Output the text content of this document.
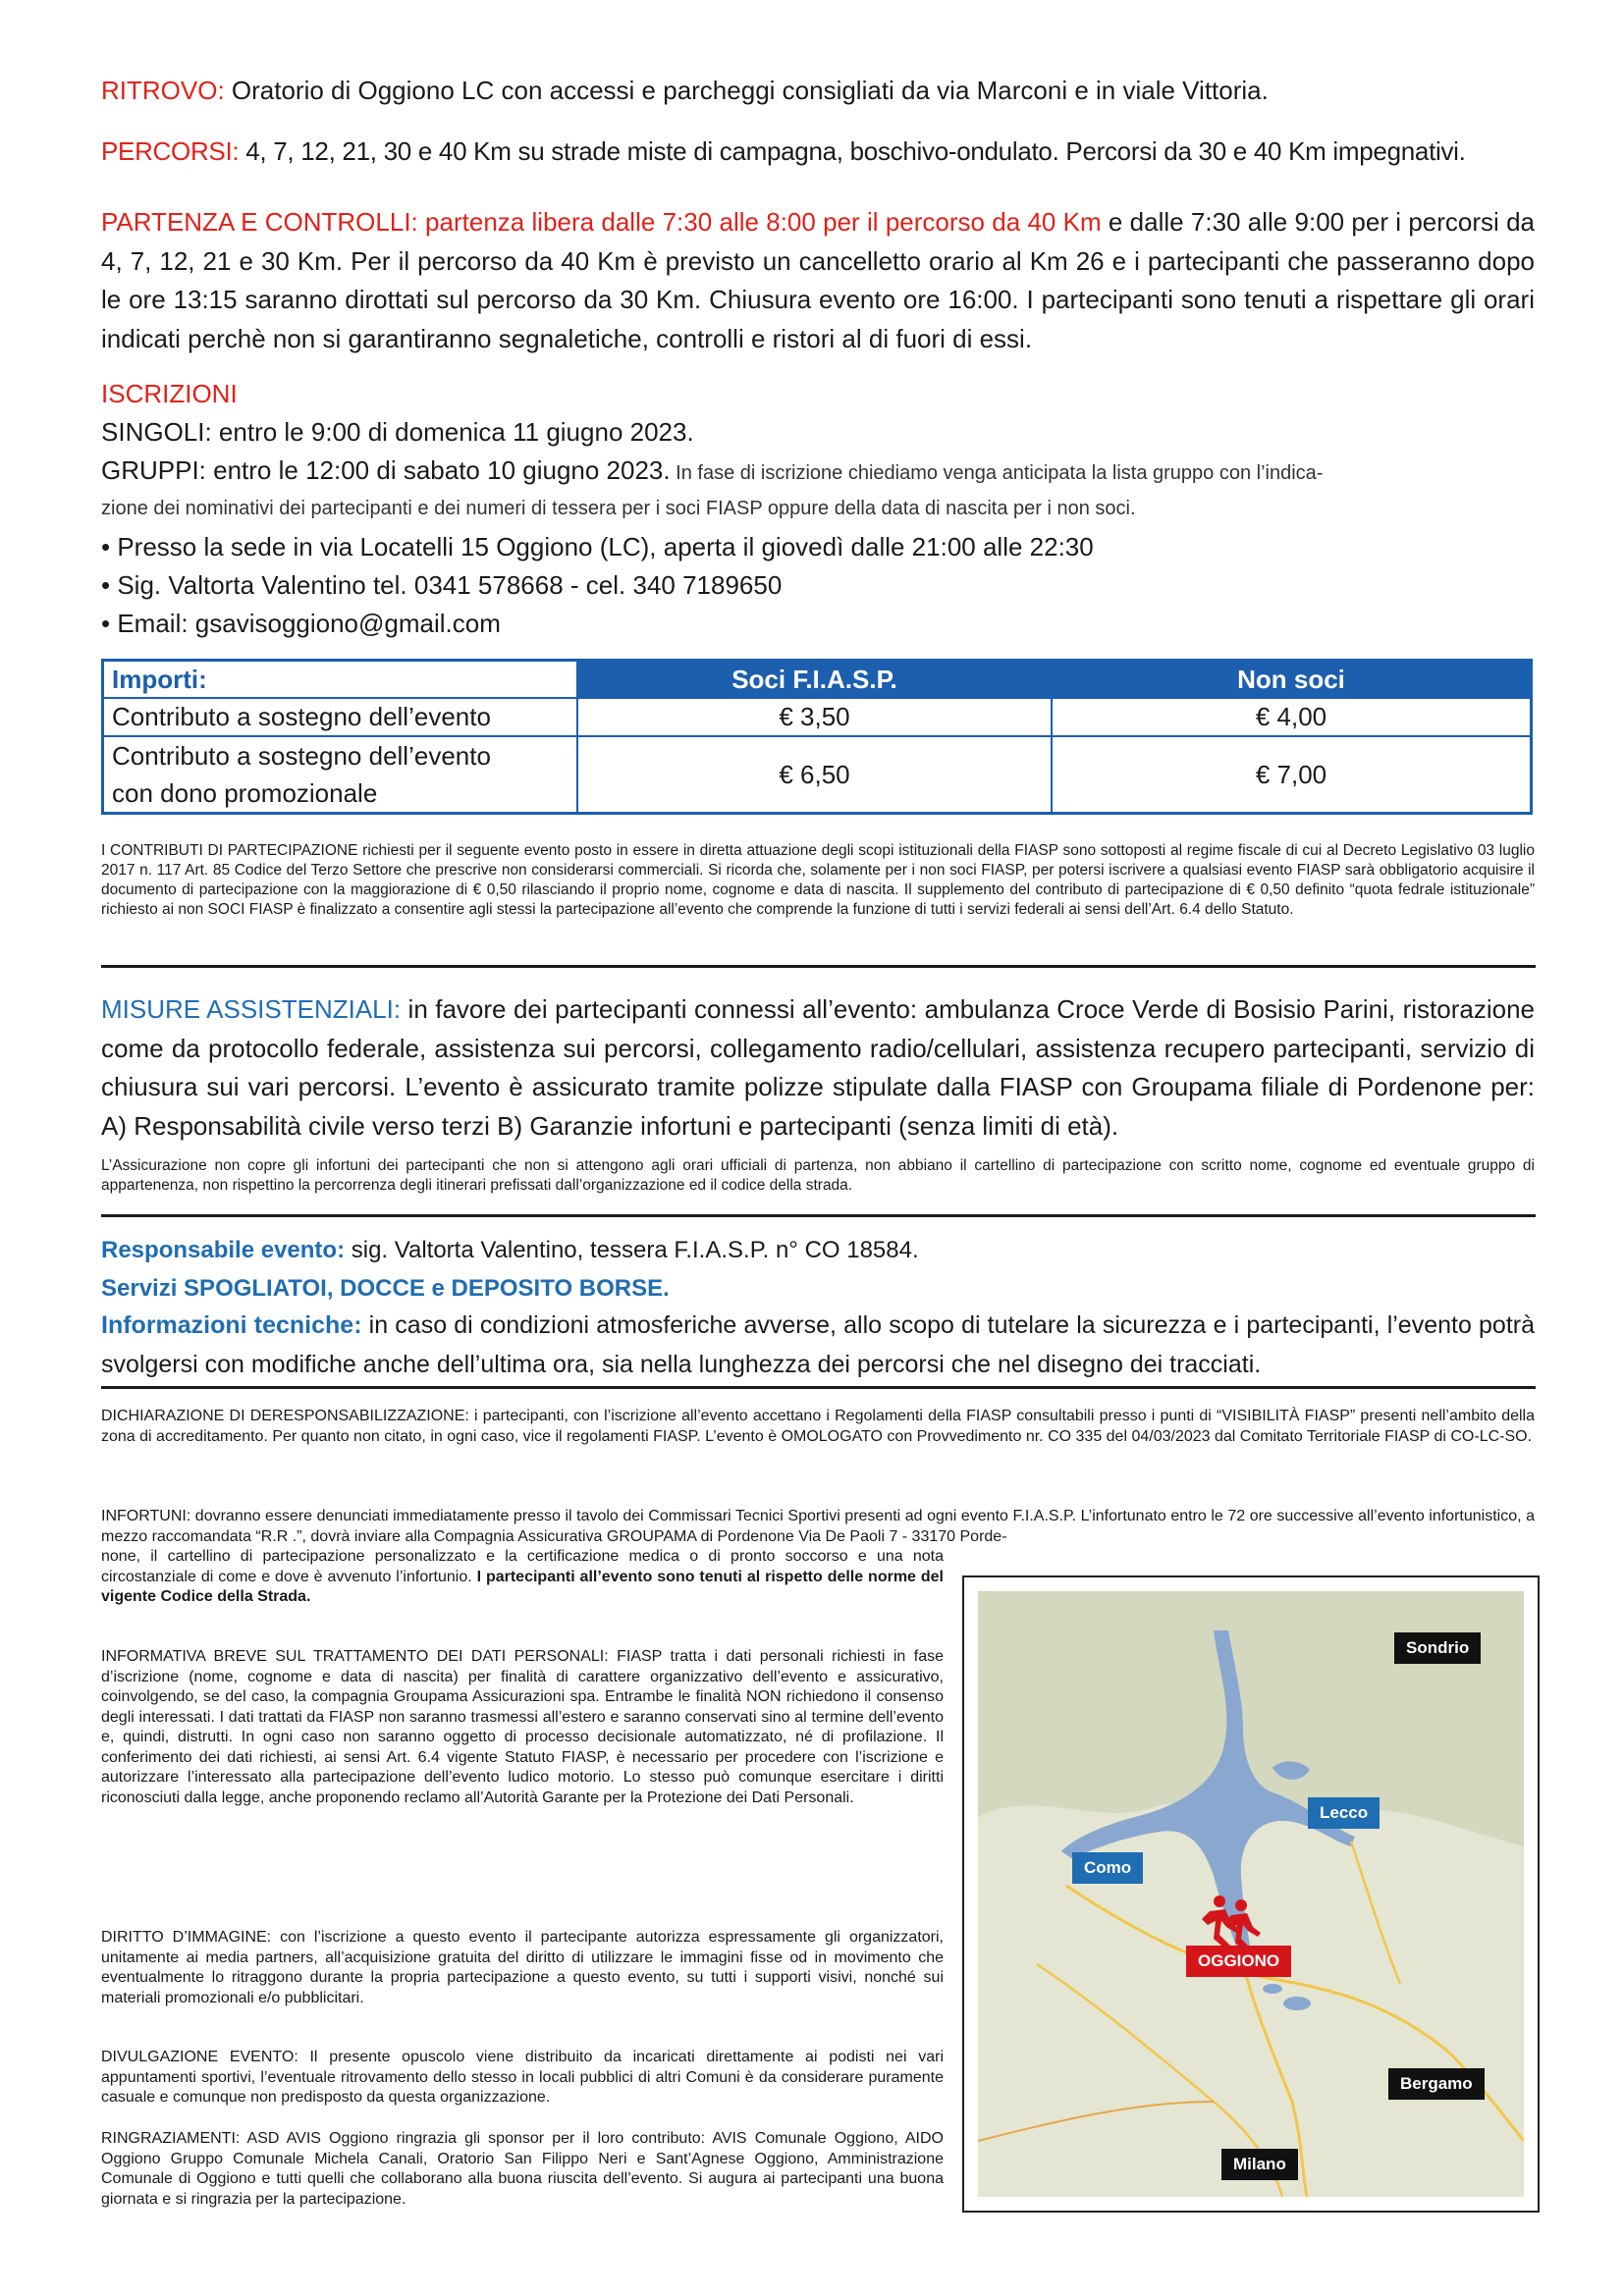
RITROVO: Oratorio di Oggiono LC con accessi e parcheggi consigliati da via Marconi e in viale Vittoria.
PERCORSI: 4, 7, 12, 21, 30 e 40 Km su strade miste di campagna, boschivo-ondulato. Percorsi da 30 e 40 Km impegnativi.
PARTENZA E CONTROLLI: partenza libera dalle 7:30 alle 8:00 per il percorso da 40 Km e dalle 7:30 alle 9:00 per i percorsi da 4, 7, 12, 21 e 30 Km. Per il percorso da 40 Km è previsto un cancelletto orario al Km 26 e i partecipanti che passeranno dopo le ore 13:15 saranno dirottati sul percorso da 30 Km. Chiusura evento ore 16:00. I partecipanti sono tenuti a rispettare gli orari indicati perchè non si garantiranno segnaletiche, controlli e ristori al di fuori di essi.
ISCRIZIONI
SINGOLI: entro le 9:00 di domenica 11 giugno 2023.
GRUPPI: entro le 12:00 di sabato 10 giugno 2023. In fase di iscrizione chiediamo venga anticipata la lista gruppo con l’indica-
zione dei nominativi dei partecipanti e dei numeri di tessera per i soci FIASP oppure della data di nascita per i non soci.
• Presso la sede in via Locatelli 15 Oggiono (LC), aperta il giovedì dalle 21:00 alle 22:30
• Sig. Valtorta Valentino tel. 0341 578668 - cel. 340 7189650
• Email: gsavisoggiono@gmail.com
Importi:	Soci F.I.A.S.P.	Non soci
Contributo a sostegno dell’evento	€ 3,50	€ 4,00

Contributo a sostegno dell’evento
con dono promozionale	€ 6,50	€ 7,00
I CONTRIBUTI DI PARTECIPAZIONE richiesti per il seguente evento posto in essere in diretta attuazione degli scopi istituzionali della FIASP sono sottoposti al regime fiscale di cui al Decreto Legislativo 03 luglio 2017 n. 117 Art. 85 Codice del Terzo Settore che prescrive non considerarsi commerciali. Si ricorda che, solamente per i non soci FIASP, per potersi iscrivere a qualsiasi evento FIASP sarà obbligatorio acquisire il documento di partecipazione con la maggiorazione di € 0,50 rilasciando il proprio nome, cognome e data di nascita. Il supplemento del contributo di partecipazione di € 0,50 definito “quota fedrale istituzionale” richiesto ai non SOCI FIASP è finalizzato a consentire agli stessi la partecipazione all’evento che comprende la funzione di tutti i servizi federali ai sensi dell’Art. 6.4 dello Statuto.
MISURE ASSISTENZIALI: in favore dei partecipanti connessi all’evento: ambulanza Croce Verde di Bosisio Parini, ristorazione come da protocollo federale, assistenza sui percorsi, collegamento radio/cellulari, assistenza recupero partecipanti, servizio di chiusura sui vari percorsi. L’evento è assicurato tramite polizze stipulate dalla FIASP con Groupama filiale di Pordenone per: A) Responsabilità civile verso terzi B) Garanzie infortuni e partecipanti (senza limiti di età).
L’Assicurazione non copre gli infortuni dei partecipanti che non si attengono agli orari ufficiali di partenza, non abbiano il cartellino di partecipazione con scritto nome, cognome ed eventuale gruppo di appartenenza, non rispettino la percorrenza degli itinerari prefissati dall’organizzazione ed il codice della strada.
Responsabile evento: sig. Valtorta Valentino, tessera F.I.A.S.P. n° CO 18584.
Servizi SPOGLIATOI, DOCCE e DEPOSITO BORSE.
Informazioni tecniche: in caso di condizioni atmosferiche avverse, allo scopo di tutelare la sicurezza e i partecipanti, l’evento potrà svolgersi con modifiche anche dell’ultima ora, sia nella lunghezza dei percorsi che nel disegno dei tracciati.
DICHIARAZIONE DI DERESPONSABILIZZAZIONE: i partecipanti, con l’iscrizione all’evento accettano i Regolamenti della FIASP consultabili presso i punti di “VISIBILITÀ FIASP” presenti nell’ambito della zona di accreditamento. Per quanto non citato, in ogni caso, vice il regolamenti FIASP. L’evento è OMOLOGATO con Provvedimento nr. CO 335 del 04/03/2023 dal Comitato Territoriale FIASP di CO-LC-SO.
INFORTUNI: dovranno essere denunciati immediatamente presso il tavolo dei Commissari Tecnici Sportivi presenti ad ogni evento F.I.A.S.P. L’infortunato entro le 72 ore successive all’evento infortunistico, a mezzo raccomandata “R.R .”, dovrà inviare alla Compagnia Assicurativa GROUPAMA di Pordenone Via De Paoli 7 - 33170 Porde-
none, il cartellino di partecipazione personalizzato e la certificazione medica o di pronto soccorso e una nota circostanziale di come e dove è avvenuto l’infortunio. I partecipanti all’evento sono tenuti al rispetto delle norme del vigente Codice della Strada.
INFORMATIVA BREVE SUL TRATTAMENTO DEI DATI PERSONALI: FIASP tratta i dati personali richiesti in fase d’iscrizione (nome, cognome e data di nascita) per finalità di carattere organizzativo dell’evento e assicurativo, coinvolgendo, se del caso, la compagnia Groupama Assicurazioni spa. Entrambe le finalità NON richiedono il consenso degli interessati. I dati trattati da FIASP non saranno trasmessi all’estero e saranno conservati sino al termine dell’evento e, quindi, distrutti. In ogni caso non saranno oggetto di processo decisionale automatizzato, né di profilazione. Il conferimento dei dati richiesti, ai sensi Art. 6.4 vigente Statuto FIASP, è necessario per procedere con l’iscrizione e autorizzare l’interessato alla partecipazione dell’evento ludico motorio. Lo stesso può comunque esercitare i diritti riconosciuti dalla legge, anche proponendo reclamo all’Autorità Garante per la Protezione dei Dati Personali.
DIRITTO D’IMMAGINE: con l’iscrizione a questo evento il partecipante autorizza espressamente gli organizzatori, unitamente ai media partners, all’acquisizione gratuita del diritto di utilizzare le immagini fisse od in movimento che eventualmente lo ritraggono durante la propria partecipazione a questo evento, su tutti i supporti visivi, nonché sui materiali promozionali e/o pubblicitari.
DIVULGAZIONE EVENTO: Il presente opuscolo viene distribuito da incaricati direttamente ai podisti nei vari appuntamenti sportivi, l’eventuale ritrovamento dello stesso in locali pubblici di altri Comuni è da considerare puramente casuale e comunque non predisposto da questa organizzazione.
RINGRAZIAMENTI: ASD AVIS Oggiono ringrazia gli sponsor per il loro contributo: AVIS Comunale Oggiono, AIDO Oggiono Gruppo Comunale Michela Canali, Oratorio San Filippo Neri e Sant’Agnese Oggiono, Amministrazione Comunale di Oggiono e tutti quelli che collaborano alla buona riuscita dell’evento. Si augura ai partecipanti una buona giornata e si ringrazia per la partecipazione.
Sondrio
Lecco
Como
OGGIONO
Bergamo
Milano
